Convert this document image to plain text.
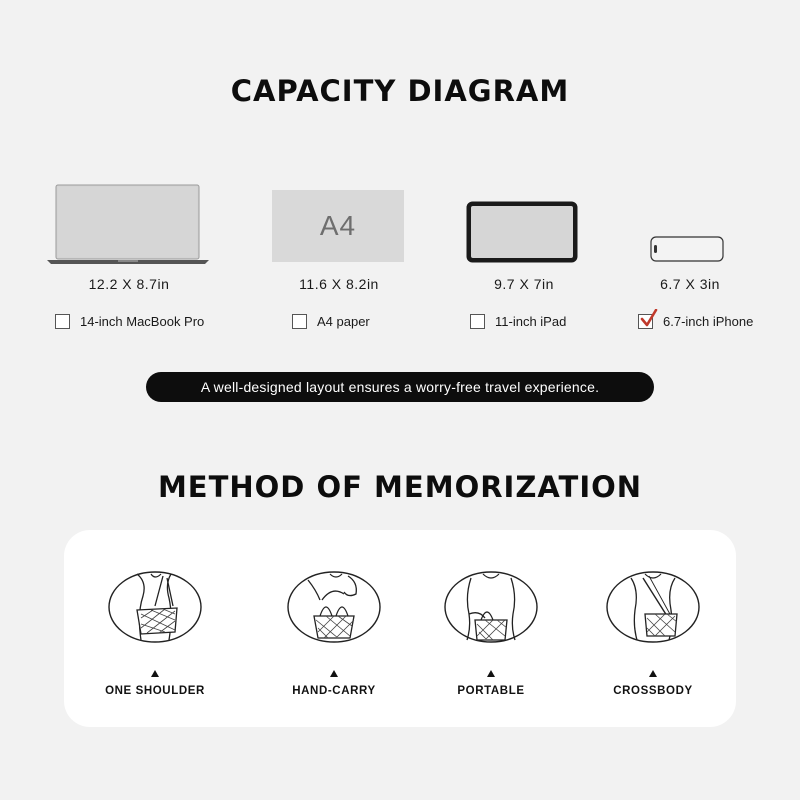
CAPACITY DIAGRAM
A4
12.2 X 8.7in	11.6 X 8.2in	9.7 X 7in	6.7 X 3in
14-inch MacBook Pro	A4 paper	11-inch iPad	6.7-inch iPhone
A well-designed layout ensures a worry-free travel experience.
METHOD OF MEMORIZATION
ONE SHOULDER	HAND-CARRY	PORTABLE	CROSSBODY
